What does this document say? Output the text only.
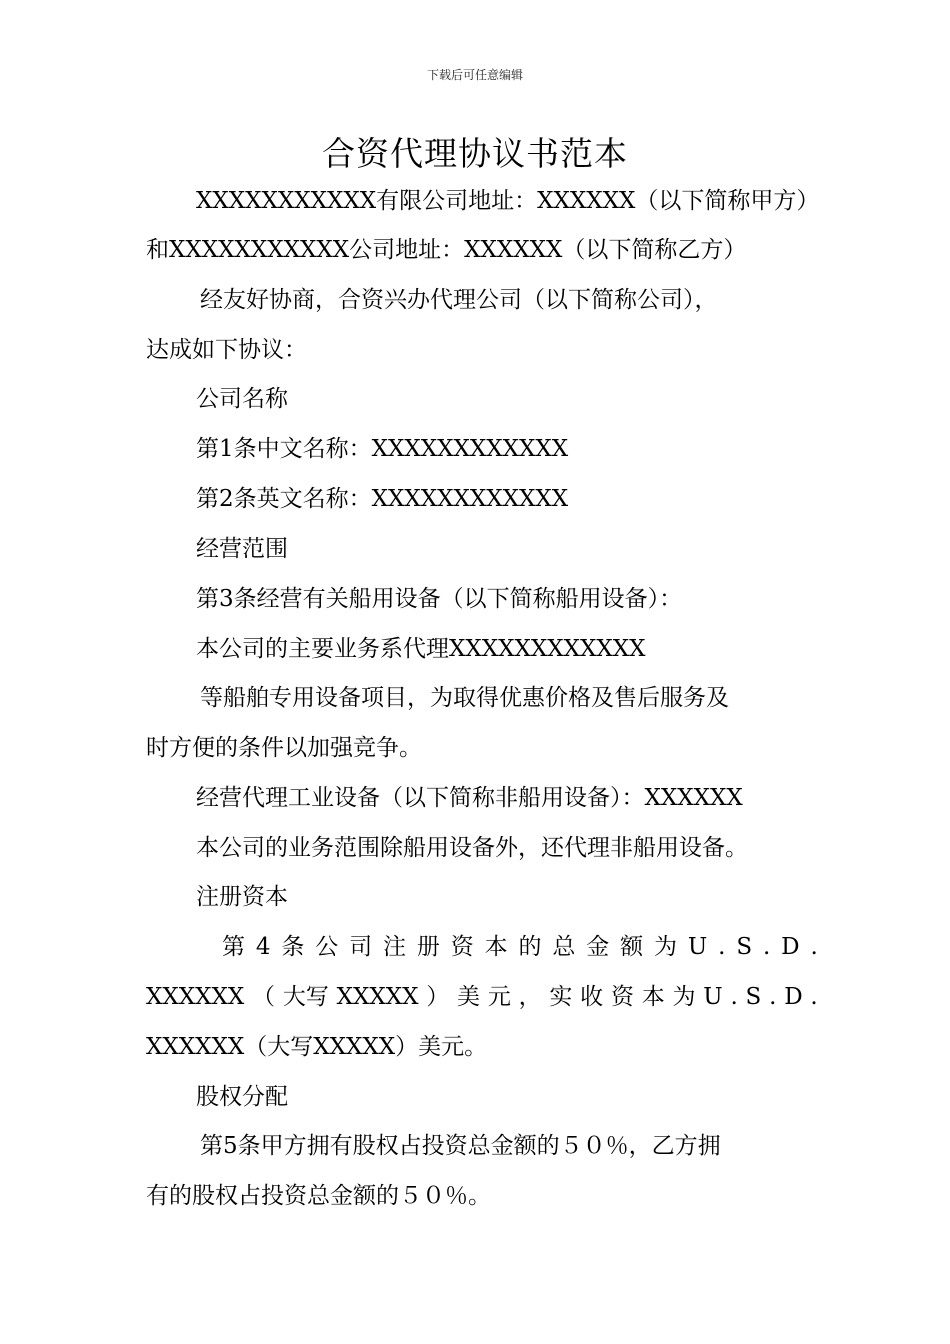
下载后可任意编辑
合资代理协议书范本
XXXXXXXXXXX有限公司地址：XXXXXX（以下简称甲方）
和XXXXXXXXXXX公司地址：XXXXXX（以下简称乙方）
经友好协商，合资兴办代理公司（以下简称公司），
达成如下协议：
公司名称
第1条中文名称：XXXXXXXXXXXX
第2条英文名称：XXXXXXXXXXXX
经营范围
第3条经营有关船用设备（以下简称船用设备）：
本公司的主要业务系代理XXXXXXXXXXXX
等船舶专用设备项目，为取得优惠价格及售后服务及
时方便的条件以加强竞争。
经营代理工业设备（以下简称非船用设备）：XXXXXX
本公司的业务范围除船用设备外，还代理非船用设备。
注册资本
第 4 条 公 司 注 册 资 本 的 总 金 额 为 U . S . D .
XXXXXX （ 大写 XXXXX ） 美 元 ， 实 收 资 本 为 U . S . D .
XXXXXX（大写XXXXX）美元。
股权分配
第5条甲方拥有股权占投资总金额的５０％，乙方拥
有的股权占投资总金额的５０％。
